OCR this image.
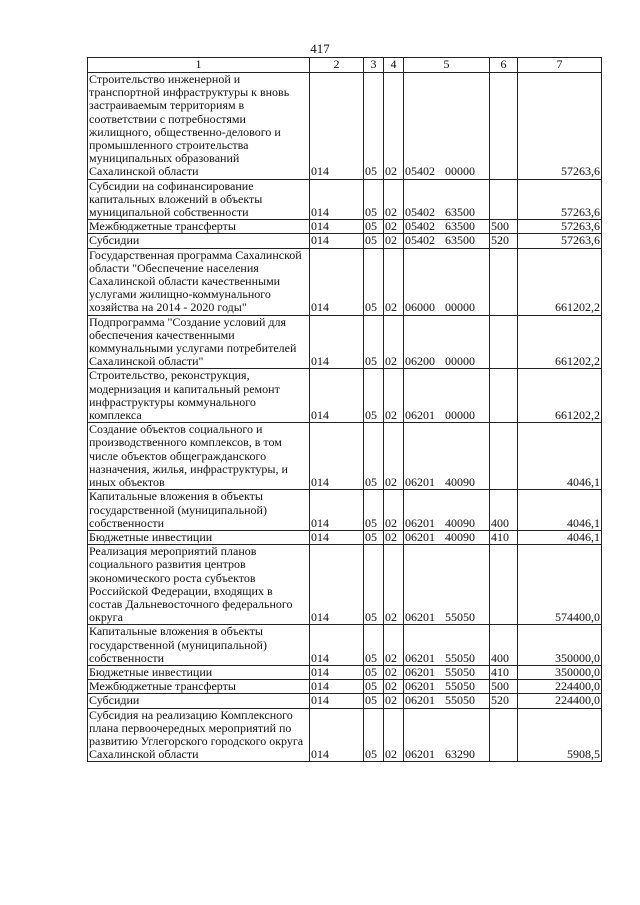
417
1	2	3	4	5	6	7
Строительство инженерной и транспортной инфраструктуры к вновь застраиваемым территориям в соответствии с потребностями жилищного, общественно-делового и промышленного строительства муниципальных образований Сахалинской области	014	05	02	05402 00000		57263,6
Субсидии на софинансирование капитальных вложений в объекты муниципальной собственности	014	05	02	05402 63500		57263,6
Межбюджетные трансферты	014	05	02	05402 63500	500	57263,6
Субсидии	014	05	02	05402 63500	520	57263,6
Государственная программа Сахалинской области "Обеспечение населения Сахалинской области качественными услугами жилищно-коммунального хозяйства на 2014 - 2020 годы"	014	05	02	06000 00000		661202,2
Подпрограмма "Создание условий для обеспечения качественными коммунальными услугами потребителей Сахалинской области"	014	05	02	06200 00000		661202,2
Строительство, реконструкция, модернизация и капитальный ремонт инфраструктуры коммунального комплекса	014	05	02	06201 00000		661202,2
Создание объектов социального и производственного комплексов, в том числе объектов общегражданского назначения, жилья, инфраструктуры, и иных объектов	014	05	02	06201 40090		4046,1
Капитальные вложения в объекты государственной (муниципальной) собственности	014	05	02	06201 40090	400	4046,1
Бюджетные инвестиции	014	05	02	06201 40090	410	4046,1
Реализация мероприятий планов социального развития центров экономического роста субъектов Российской Федерации, входящих в состав Дальневосточного федерального округа	014	05	02	06201 55050		574400,0
Капитальные вложения в объекты государственной (муниципальной) собственности	014	05	02	06201 55050	400	350000,0
Бюджетные инвестиции	014	05	02	06201 55050	410	350000,0
Межбюджетные трансферты	014	05	02	06201 55050	500	224400,0
Субсидии	014	05	02	06201 55050	520	224400,0
Субсидия на реализацию Комплексного плана первоочередных мероприятий по развитию Углегорского городского округа Сахалинской области	014	05	02	06201 63290		5908,5
